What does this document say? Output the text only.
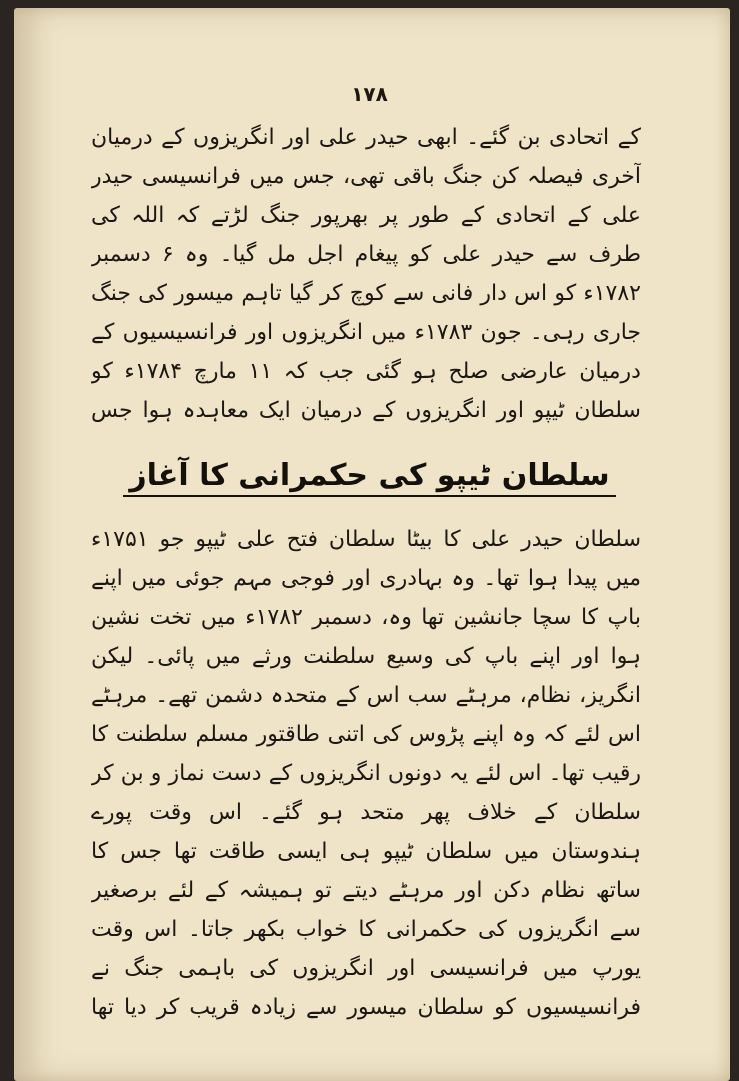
۱۷۸
کے اتحادی بن گئے۔ ابھی حیدر علی اور انگریزوں کے درمیان آخری فیصلہ کن جنگ باقی تھی، جس میں فرانسیسی حیدر علی کے اتحادی کے طور پر بھرپور جنگ لڑتے کہ اللہ کی طرف سے حیدر علی کو پیغام اجل مل گیا۔ وہ ۶ دسمبر ۱۷۸۲ء کو اس دار فانی سے کوچ کر گیا تاہم میسور کی جنگ جاری رہی۔ جون ۱۷۸۳ء میں انگریزوں اور فرانسیسیوں کے درمیان عارضی صلح ہو گئی جب کہ ۱۱ مارچ ۱۷۸۴ء کو سلطان ٹیپو اور انگریزوں کے درمیان ایک معاہدہ ہوا جس
سلطان ٹیپو کی حکمرانی کا آغاز
سلطان حیدر علی کا بیٹا سلطان فتح علی ٹیپو جو ۱۷۵۱ء میں پیدا ہوا تھا۔ وہ بہادری اور فوجی مہم جوئی میں اپنے باپ کا سچا جانشین تھا وہ، دسمبر ۱۷۸۲ء میں تخت نشین ہوا اور اپنے باپ کی وسیع سلطنت ورثے میں پائی۔ لیکن انگریز، نظام، مرہٹے سب اس کے متحدہ دشمن تھے۔ مرہٹے اس لئے کہ وہ اپنے پڑوس کی اتنی طاقتور مسلم سلطنت کا رقیب تھا۔ اس لئے یہ دونوں انگریزوں کے دست نماز و بن کر سلطان کے خلاف پھر متحد ہو گئے۔ اس وقت پورے ہندوستان میں سلطان ٹیپو ہی ایسی طاقت تھا جس کا ساتھ نظام دکن اور مرہٹے دیتے تو ہمیشہ کے لئے برصغیر سے انگریزوں کی حکمرانی کا خواب بکھر جاتا۔ اس وقت یورپ میں فرانسیسی اور انگریزوں کی باہمی جنگ نے فرانسیسیوں کو سلطان میسور سے زیادہ قریب کر دیا تھا
